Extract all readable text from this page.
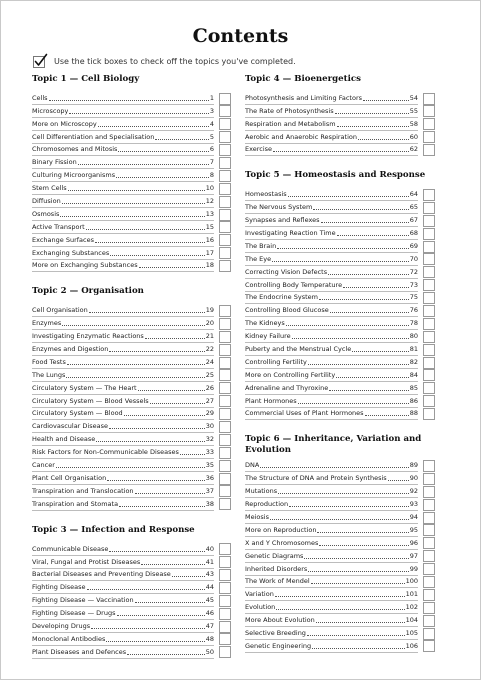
Contents
Use the tick boxes to check off the topics you've completed.
Topic 1 — Cell Biology
Cells	1
Microscopy	3
More on Microscopy	4
Cell Differentiation and Specialisation	5
Chromosomes and Mitosis	6
Binary Fission	7
Culturing Microorganisms	8
Stem Cells	10
Diffusion	12
Osmosis	13
Active Transport	15
Exchange Surfaces	16
Exchanging Substances	17
More on Exchanging Substances	18
Topic 2 — Organisation
Cell Organisation	19
Enzymes	20
Investigating Enzymatic Reactions	21
Enzymes and Digestion	22
Food Tests	24
The Lungs	25
Circulatory System — The Heart	26
Circulatory System — Blood Vessels	27
Circulatory System — Blood	29
Cardiovascular Disease	30
Health and Disease	32
Risk Factors for Non-Communicable Diseases	33
Cancer	35
Plant Cell Organisation	36
Transpiration and Translocation	37
Transpiration and Stomata	38
Topic 3 — Infection and Response
Communicable Disease	40
Viral, Fungal and Protist Diseases	41
Bacterial Diseases and Preventing Disease	43
Fighting Disease	44
Fighting Disease — Vaccination	45
Fighting Disease — Drugs	46
Developing Drugs	47
Monoclonal Antibodies	48
Plant Diseases and Defences	50
Topic 4 — Bioenergetics
Photosynthesis and Limiting Factors	54
The Rate of Photosynthesis	55
Respiration and Metabolism	58
Aerobic and Anaerobic Respiration	60
Exercise	62
Topic 5 — Homeostasis and Response
Homeostasis	64
The Nervous System	65
Synapses and Reflexes	67
Investigating Reaction Time	68
The Brain	69
The Eye	70
Correcting Vision Defects	72
Controlling Body Temperature	73
The Endocrine System	75
Controlling Blood Glucose	76
The Kidneys	78
Kidney Failure	80
Puberty and the Menstrual Cycle	81
Controlling Fertility	82
More on Controlling Fertility	84
Adrenaline and Thyroxine	85
Plant Hormones	86
Commercial Uses of Plant Hormones	88
Topic 6 — Inheritance, Variation and Evolution
DNA	89
The Structure of DNA and Protein Synthesis	90
Mutations	92
Reproduction	93
Meiosis	94
More on Reproduction	95
X and Y Chromosomes	96
Genetic Diagrams	97
Inherited Disorders	99
The Work of Mendel	100
Variation	101
Evolution	102
More About Evolution	104
Selective Breeding	105
Genetic Engineering	106
